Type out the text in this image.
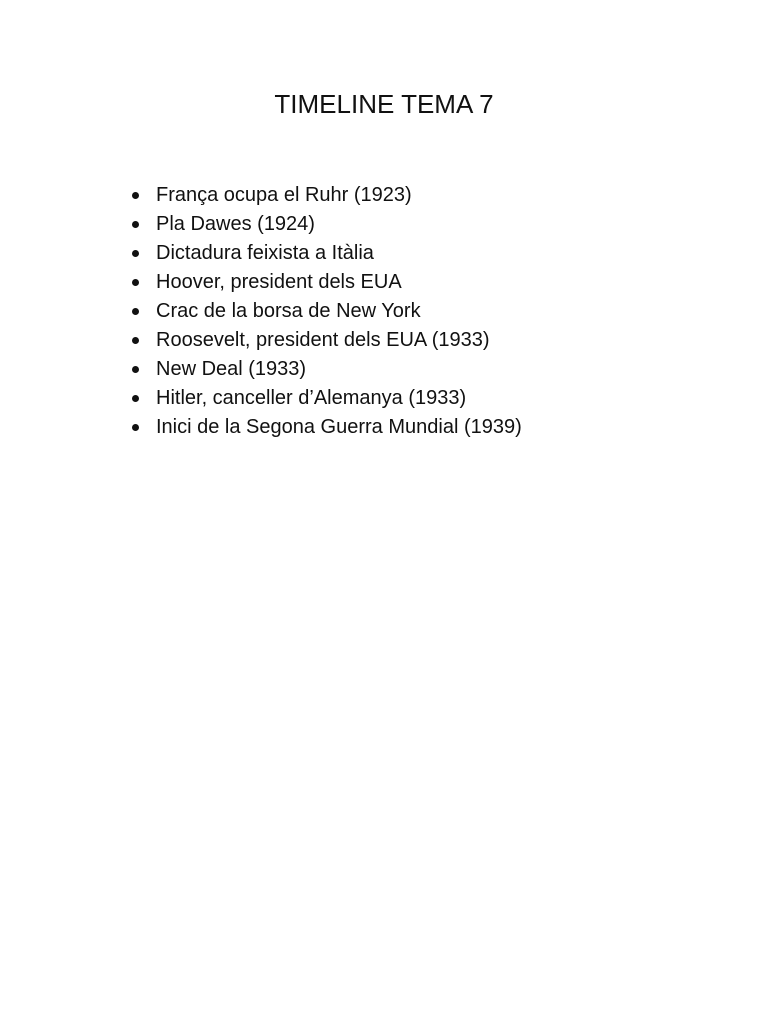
TIMELINE TEMA 7
França ocupa el Ruhr (1923)
Pla Dawes (1924)
Dictadura feixista a Itàlia
Hoover, president dels EUA
Crac de la borsa de New York
Roosevelt, president dels EUA (1933)
New Deal (1933)
Hitler, canceller d’Alemanya (1933)
Inici de la Segona Guerra Mundial (1939)
